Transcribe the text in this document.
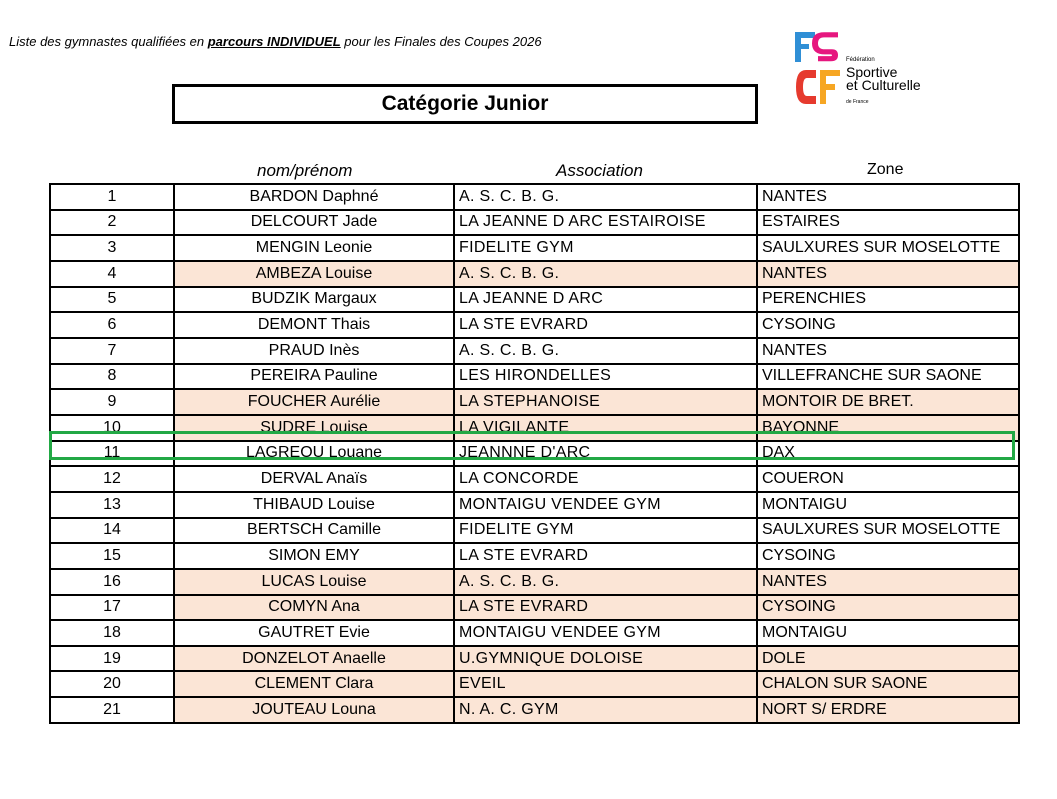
Liste des gymnastes qualifiées en parcours INDIVIDUEL pour les Finales des Coupes 2026
Catégorie Junior
Fédération
Sportive
et Culturelle
de France
nom/prénom	Association	Zone
1	BARDON Daphné	A. S. C. B. G.	NANTES
2	DELCOURT Jade	LA JEANNE D ARC ESTAIROISE	ESTAIRES
3	MENGIN Leonie	FIDELITE GYM	SAULXURES SUR MOSELOTTE
4	AMBEZA Louise	A. S. C. B. G.	NANTES
5	BUDZIK Margaux	LA JEANNE D ARC	PERENCHIES
6	DEMONT Thais	LA STE EVRARD	CYSOING
7	PRAUD Inès	A. S. C. B. G.	NANTES
8	PEREIRA Pauline	LES HIRONDELLES	VILLEFRANCHE SUR SAONE
9	FOUCHER Aurélie	LA STEPHANOISE	MONTOIR DE BRET.
10	SUDRE Louise	LA VIGILANTE	BAYONNE
11	LAGREOU Louane	JEANNNE D'ARC	DAX
12	DERVAL Anaïs	LA CONCORDE	COUERON
13	THIBAUD Louise	MONTAIGU VENDEE GYM	MONTAIGU
14	BERTSCH Camille	FIDELITE GYM	SAULXURES SUR MOSELOTTE
15	SIMON EMY	LA STE EVRARD	CYSOING
16	LUCAS Louise	A. S. C. B. G.	NANTES
17	COMYN Ana	LA STE EVRARD	CYSOING
18	GAUTRET Evie	MONTAIGU VENDEE GYM	MONTAIGU
19	DONZELOT Anaelle	U.GYMNIQUE DOLOISE	DOLE
20	CLEMENT Clara	EVEIL	CHALON SUR SAONE
21	JOUTEAU Louna	N. A. C. GYM	NORT S/ ERDRE
